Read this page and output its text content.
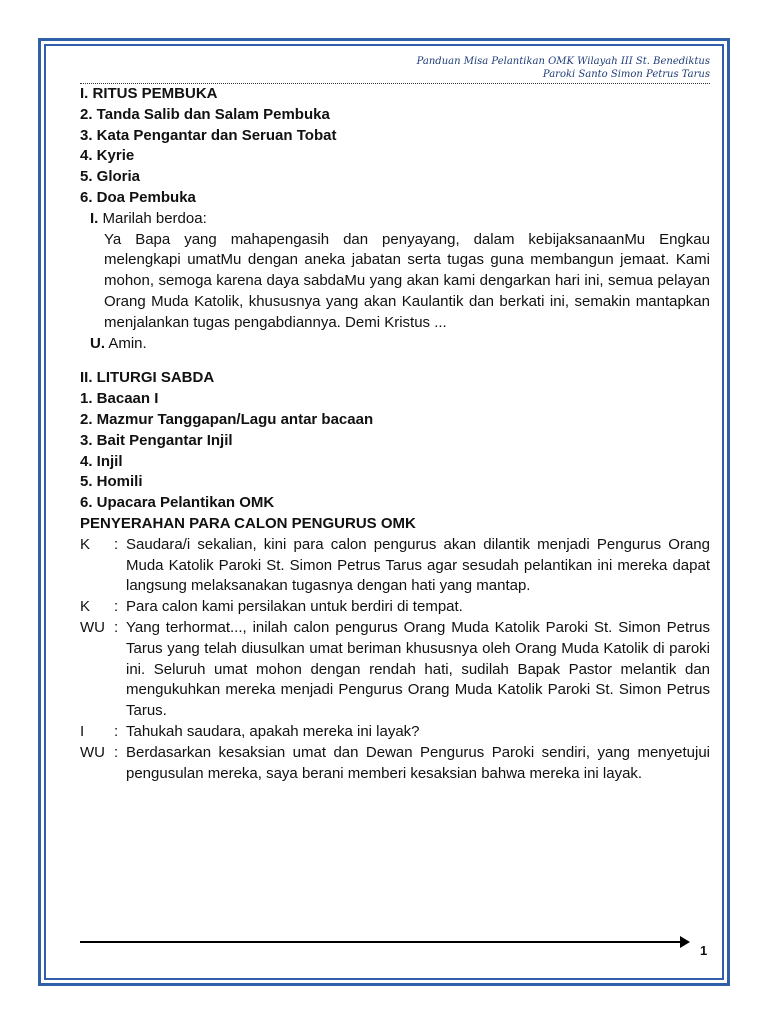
Panduan Misa Pelantikan OMK Wilayah III St. Benediktus
Paroki Santo Simon Petrus Tarus
I. RITUS PEMBUKA
2. Tanda Salib dan Salam Pembuka
3. Kata Pengantar dan Seruan Tobat
4. Kyrie
5. Gloria
6. Doa Pembuka
I. Marilah berdoa:
Ya Bapa yang mahapengasih dan penyayang, dalam kebijaksanaanMu Engkau melengkapi umatMu dengan aneka jabatan serta tugas guna membangun jemaat. Kami mohon, semoga karena daya sabdaMu yang akan kami dengarkan hari ini, semua pelayan Orang Muda Katolik, khususnya yang akan Kaulantik dan berkati ini, semakin mantapkan menjalankan tugas pengabdiannya. Demi Kristus ...
U. Amin.
II. LITURGI SABDA
1. Bacaan I
2. Mazmur Tanggapan/Lagu antar bacaan
3. Bait Pengantar Injil
4. Injil
5. Homili
6. Upacara Pelantikan OMK
PENYERAHAN PARA CALON PENGURUS OMK
K	: Saudara/i sekalian, kini para calon pengurus akan dilantik menjadi Pengurus Orang Muda Katolik Paroki St. Simon Petrus Tarus agar sesudah pelantikan ini mereka dapat langsung melaksanakan tugasnya dengan hati yang mantap.
K	: Para calon kami persilakan untuk berdiri di tempat.
WU : Yang terhormat..., inilah calon pengurus Orang Muda Katolik Paroki St. Simon Petrus Tarus yang telah diusulkan umat beriman khususnya oleh Orang Muda Katolik di paroki ini. Seluruh umat mohon dengan rendah hati, sudilah Bapak Pastor melantik dan mengukuhkan mereka menjadi Pengurus Orang Muda Katolik Paroki St. Simon Petrus Tarus.
I	: Tahukah saudara, apakah mereka ini layak?
WU : Berdasarkan kesaksian umat dan Dewan Pengurus Paroki sendiri, yang menyetujui pengusulan mereka, saya berani memberi kesaksian bahwa mereka ini layak.
1
